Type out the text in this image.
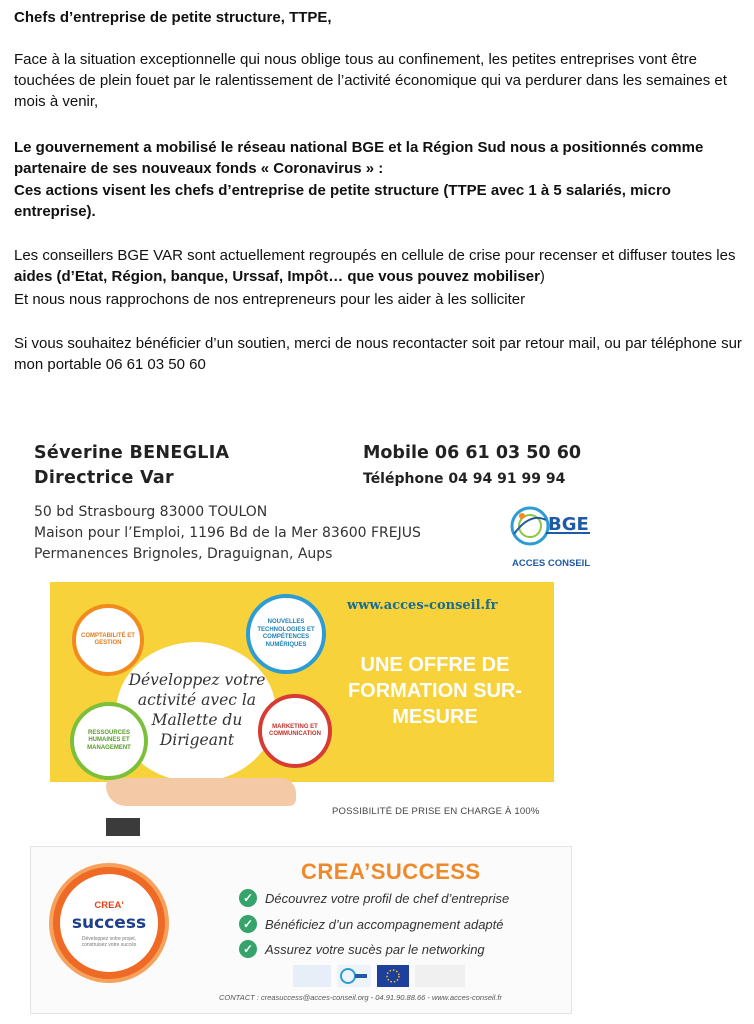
Chefs d’entreprise de petite structure, TTPE,

Face à la situation exceptionnelle qui nous oblige tous au confinement, les petites entreprises vont être touchées de plein fouet par le ralentissement de l’activité économique qui va perdurer dans les semaines et mois à venir,

Le gouvernement a mobilisé le réseau national BGE et la Région Sud nous a positionnés comme partenaire de ses nouveaux fonds « Coronavirus » :

Ces actions visent les chefs d’entreprise de petite structure (TTPE avec 1 à 5 salariés, micro entreprise).

Les conseillers BGE VAR sont actuellement regroupés en cellule de crise pour recenser et diffuser toutes les aides (d’Etat, Région, banque, Urssaf, Impôt… que vous pouvez mobiliser)

Et nous nous rapprochons de nos entrepreneurs pour les aider à les solliciter

Si vous souhaitez bénéficier d’un soutien, merci de nous recontacter soit par retour mail, ou par téléphone sur mon portable 06 61 03 50 60

Séverine BENEGLIA
Directrice Var
Mobile 06 61 03 50 60
Téléphone 04 94 91 99 94
50 bd Strasbourg 83000 TOULON
Maison pour l’Emploi, 1196 Bd de la Mer 83600 FREJUS
Permanences Brignoles, Draguignan, Aups
BGE
ACCES CONSEIL
COMPTABILITÉ ET GESTION
NOUVELLES TECHNOLOGIES ET COMPÉTENCES NUMÉRIQUES
RESSOURCES HUMAINES ET MANAGEMENT
MARKETING ET COMMUNICATION
Développez votre activité avec la Mallette du Dirigeant
www.acces-conseil.fr
UNE OFFRE DE FORMATION SUR-MESURE
POSSIBILITÉ DE PRISE EN CHARGE À 100%
CREA'
success
Développez votre projet, construisez votre succès
CREA’SUCCESS
✓ Découvrez votre profil de chef d’entreprise
✓ Bénéficiez d’un accompagnement adapté
✓ Assurez votre sucès par le networking
CONTACT : creasuccess@acces-conseil.org - 04.91.90.88.66 - www.acces-conseil.fr
